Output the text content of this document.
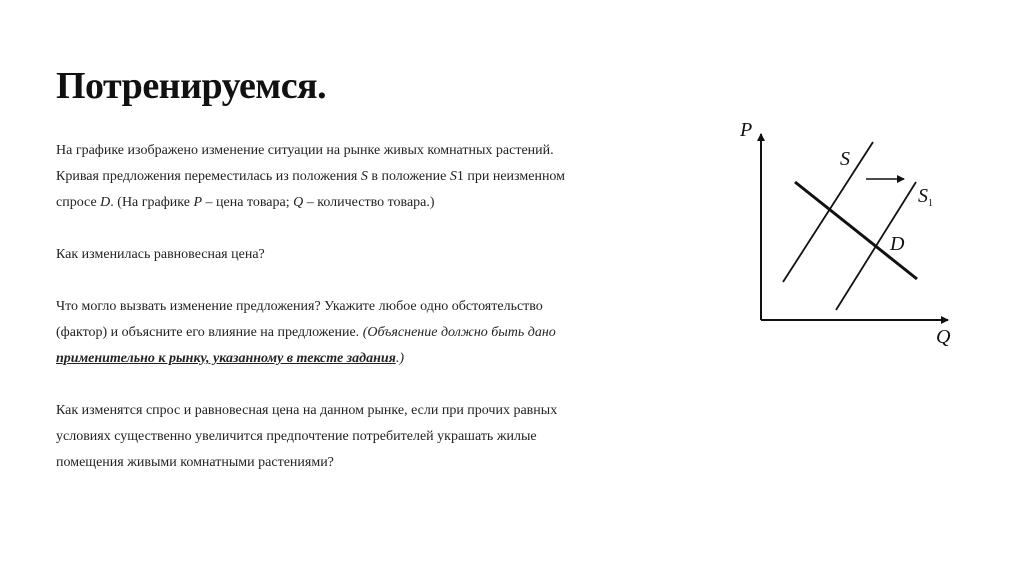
Потренируемся.

На графике изображено изменение ситуации на рынке живых комнатных растений. Кривая предложения переместилась из положения S в положение S1 при неизменном спросе D. (На графике P – цена товара; Q – количество товара.)

Как изменилась равновесная цена?

Что могло вызвать изменение предложения? Укажите любое одно обстоятельство (фактор) и объясните его влияние на предложение. (Объяснение должно быть дано применительно к рынку, указанному в тексте задания.)

Как изменятся спрос и равновесная цена на данном рынке, если при прочих равных условиях существенно увеличится предпочтение потребителей украшать жилые помещения живыми комнатными растениями?

P
Q
S
$S_1$
D
